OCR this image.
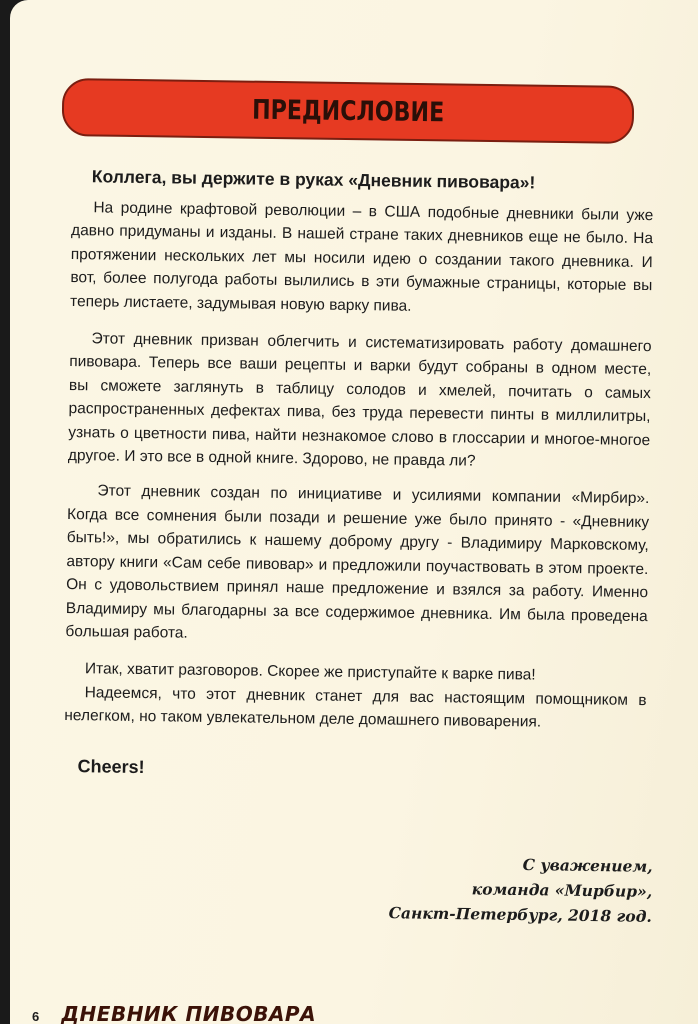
ПРЕДИСЛОВИЕ
Коллега, вы держите в руках «Дневник пивовара»!
На родине крафтовой революции – в США подобные дневники были уже
давно придуманы и изданы. В нашей стране таких дневников еще не было. На
протяжении нескольких лет мы носили идею о создании такого дневника. И
вот, более полугода работы вылились в эти бумажные страницы, которые вы
теперь листаете, задумывая новую варку пива.
Этот дневник призван облегчить и систематизировать работу домашнего
пивовара. Теперь все ваши рецепты и варки будут собраны в одном месте,
вы сможете заглянуть в таблицу солодов и хмелей, почитать о самых
распространенных дефектах пива, без труда перевести пинты в миллилитры,
узнать о цветности пива, найти незнакомое слово в глоссарии и многое-многое
другое. И это все в одной книге. Здорово, не правда ли?
Этот дневник создан по инициативе и усилиями компании «Мирбир».
Когда все сомнения были позади и решение уже было принято - «Дневнику
быть!», мы обратились к нашему доброму другу - Владимиру Марковскому,
автору книги «Сам себе пивовар» и предложили поучаствовать в этом проекте.
Он с удовольствием принял наше предложение и взялся за работу. Именно
Владимиру мы благодарны за все содержимое дневника. Им была проведена
большая работа.
Итак, хватит разговоров. Скорее же приступайте к варке пива!
Надеемся, что этот дневник станет для вас настоящим помощником в
нелегком, но таком увлекательном деле домашнего пивоварения.
Cheers!
С уважением,
команда «Мирбир»,
Санкт-Петербург, 2018 год.
6 ДНЕВНИК ПИВОВАРА
